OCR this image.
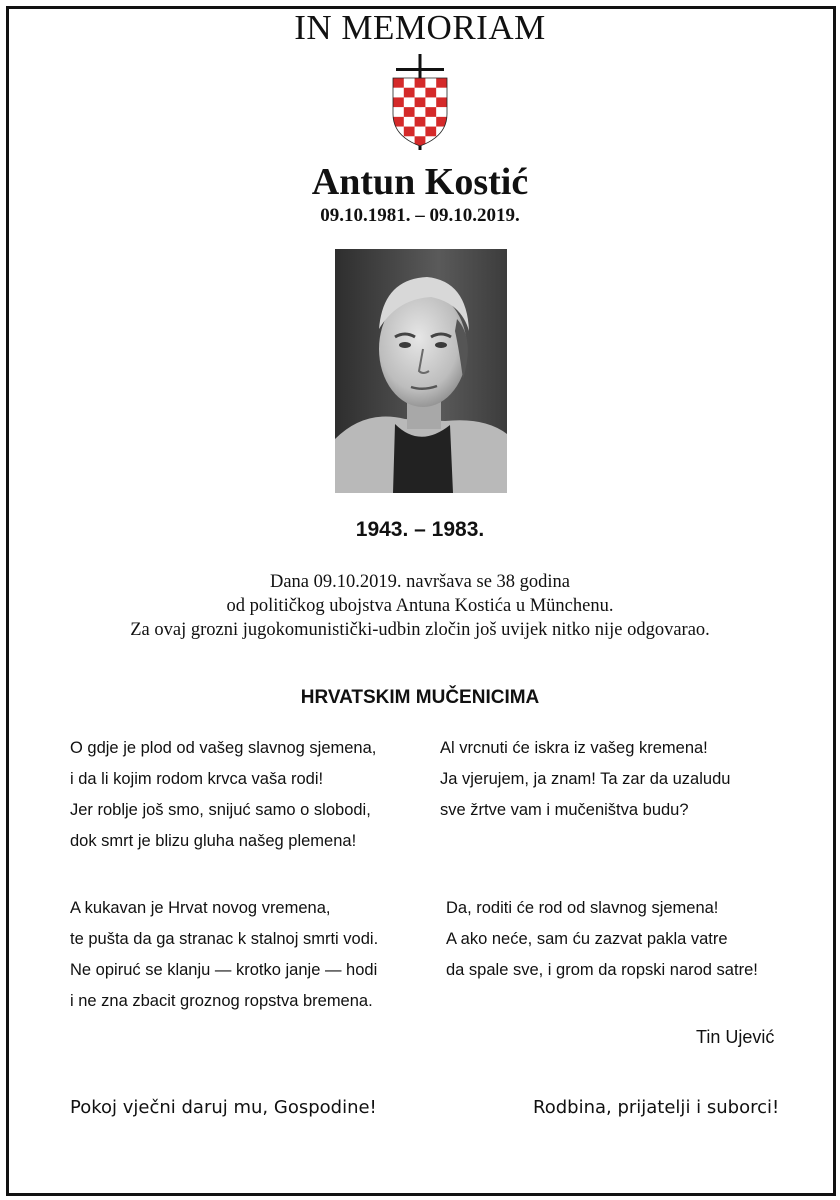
IN MEMORIAM
Antun Kostić
09.10.1981. – 09.10.2019.
1943. – 1983.
Dana 09.10.2019. navršava se 38 godina
od političkog ubojstva Antuna Kostića u Münchenu.
Za ovaj grozni jugokomunistički-udbin zločin još uvijek nitko nije odgovarao.
HRVATSKIM MUČENICIMA
O gdje je plod od vašeg slavnog sjemena,
i da li kojim rodom krvca vaša rodi!
Jer roblje još smo, snijuć samo o slobodi,
dok smrt je blizu gluha našeg plemena!
Al vrcnuti će iskra iz vašeg kremena!
Ja vjerujem, ja znam! Ta zar da uzaludu
sve žrtve vam i mučeništva budu?
A kukavan je Hrvat novog vremena,
te pušta da ga stranac k stalnoj smrti vodi.
Ne opiruć se klanju — krotko janje — hodi
i ne zna zbacit groznog ropstva bremena.
Da, roditi će rod od slavnog sjemena!
A ako neće, sam ću zazvat pakla vatre
da spale sve, i grom da ropski narod satre!
Tin Ujević
Pokoj vječni daruj mu, Gospodine!	Rodbina, prijatelji i suborci!
